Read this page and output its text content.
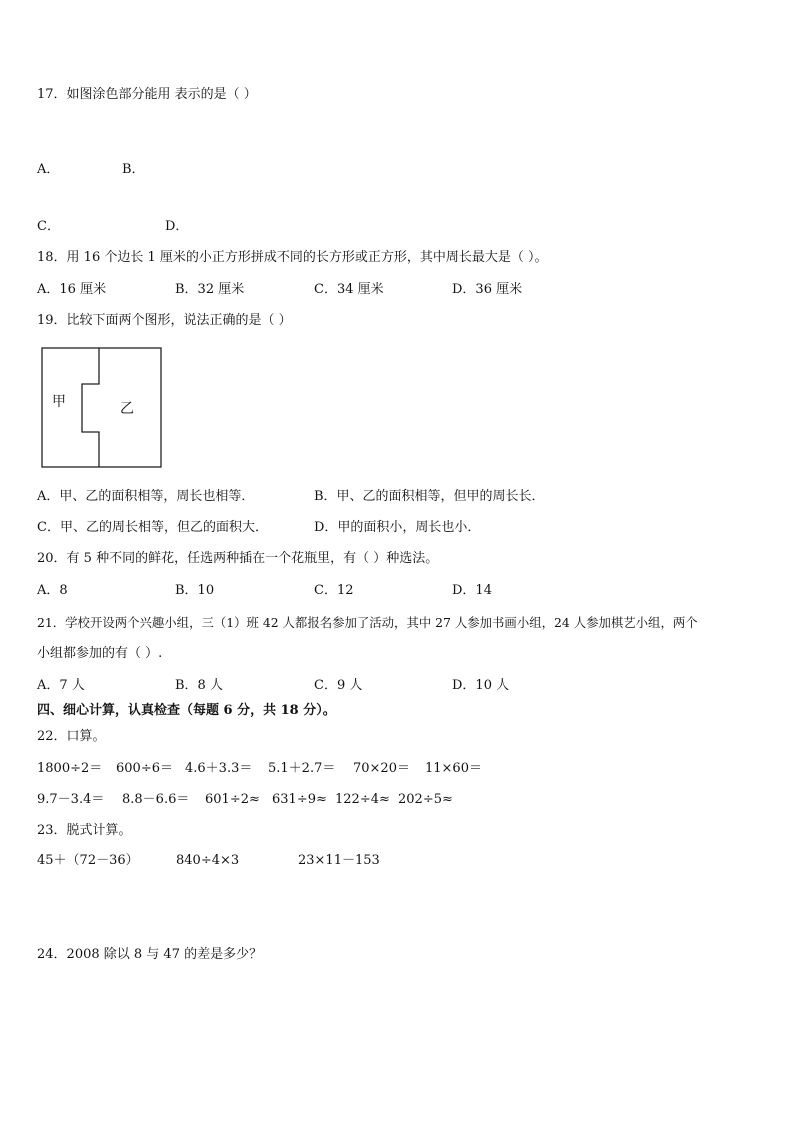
17．如图涂色部分能用 表示的是（ ）
A．	B．
C．	D．
18．用 16 个边长 1 厘米的小正方形拼成不同的长方形或正方形，其中周长最大是（ ）。
A．16 厘米	B．32 厘米	C．34 厘米	D．36 厘米
19．比较下面两个图形，说法正确的是（ ）
甲	乙
A．甲、乙的面积相等，周长也相等．	B．甲、乙的面积相等，但甲的周长长．
C．甲、乙的周长相等，但乙的面积大．	D．甲的面积小，周长也小．
20．有 5 种不同的鲜花，任选两种插在一个花瓶里，有（ ）种选法。
A．8	B．10	C．12	D．14
21．学校开设两个兴趣小组，三（1）班 42 人都报名参加了活动，其中 27 人参加书画小组，24 人参加棋艺小组，两个
小组都参加的有（ ）.
A．7 人	B．8 人	C．9 人	D．10 人
四、细心计算，认真检查（每题 6 分，共 18 分）。
22．口算。
1800÷2＝ 600÷6＝ 4.6＋3.3＝ 5.1＋2.7＝ 70×20＝ 11×60＝
9.7－3.4＝ 8.8－6.6＝ 601÷2≈ 631÷9≈ 122÷4≈ 202÷5≈
23．脱式计算。
45＋（72－36）	840÷4×3	23×11－153
24．2008 除以 8 与 47 的差是多少？
